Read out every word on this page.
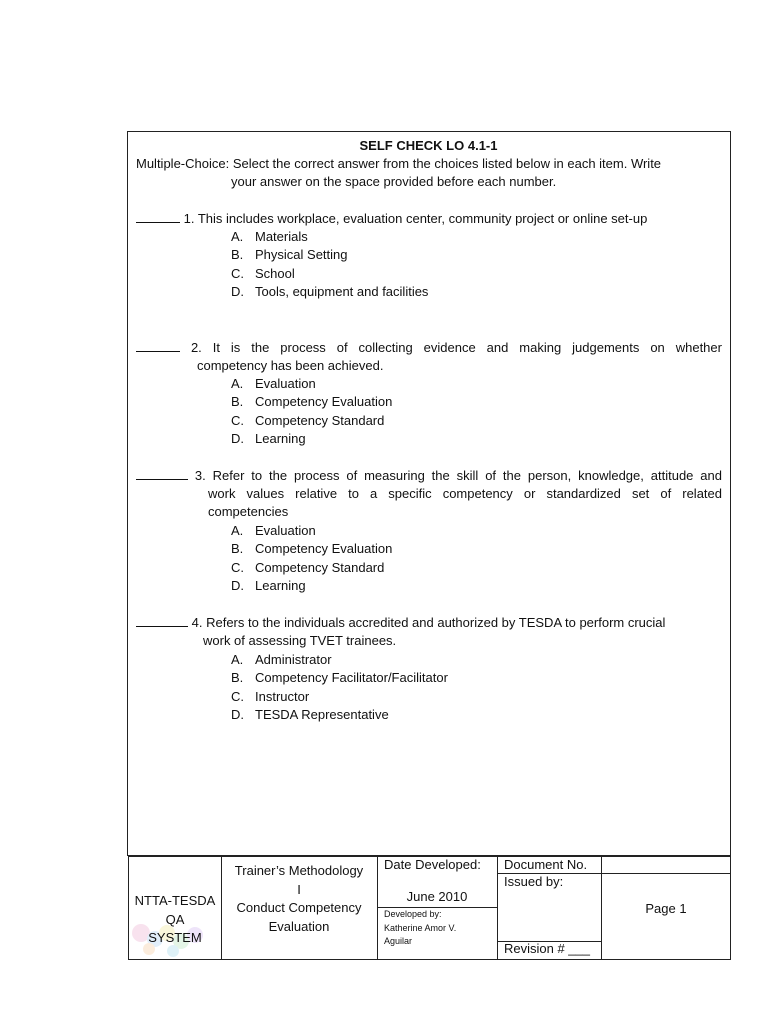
SELF CHECK LO 4.1-1
Multiple-Choice: Select the correct answer from the choices listed below in each item. Write
your answer on the space provided before each number.
1. This includes workplace, evaluation center, community project or online set-up
A. Materials
B. Physical Setting
C. School
D. Tools, equipment and facilities
2. It is the process of collecting evidence and making judgements on whether
competency has been achieved.
A. Evaluation
B. Competency Evaluation
C. Competency Standard
D. Learning
3. Refer to the process of measuring the skill of the person, knowledge, attitude and
work values relative to a specific competency or standardized set of related
competencies
A. Evaluation
B. Competency Evaluation
C. Competency Standard
D. Learning
4. Refers to the individuals accredited and authorized by TESDA to perform crucial
work of assessing TVET trainees.
A. Administrator
B. Competency Facilitator/Facilitator
C. Instructor
D. TESDA Representative
NTTA-TESDA
QA
SYSTEM
Trainer’s Methodology
I
Conduct Competency
Evaluation
Date Developed:
June 2010
Developed by:
Katherine Amor V.
Aguilar
Document No.
Issued by:
Revision # ___
Page 1
